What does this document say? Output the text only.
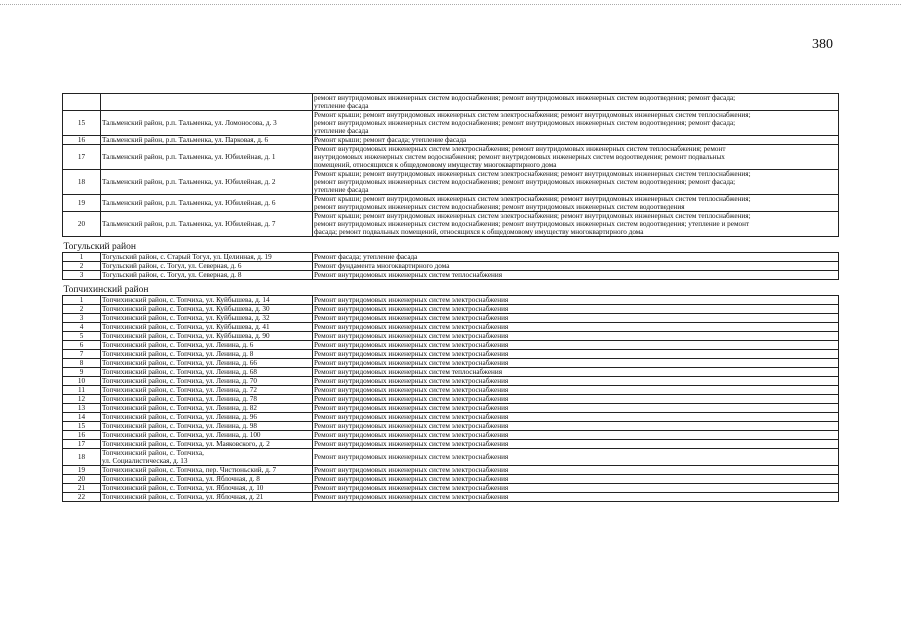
380

		ремонт внутридомовых инженерных систем водоснабжения; ремонт внутридомовых инженерных систем водоотведения; ремонт фасада;
утепление фасада

15	Тальменский район, р.п. Тальменка, ул. Ломоносова, д. 3	Ремонт крыши; ремонт внутридомовых инженерных систем электроснабжения; ремонт внутридомовых инженерных систем теплоснабжения;
ремонт внутридомовых инженерных систем водоснабжения; ремонт внутридомовых инженерных систем водоотведения; ремонт фасада;
утепление фасада

16	Тальменский район, р.п. Тальменка, ул. Парковая, д. 6	Ремонт крыши; ремонт фасада; утепление фасада

17	Тальменский район, р.п. Тальменка, ул. Юбилейная, д. 1	Ремонт внутридомовых инженерных систем электроснабжения; ремонт внутридомовых инженерных систем теплоснабжения; ремонт
внутридомовых инженерных систем водоснабжения; ремонт внутридомовых инженерных систем водоотведения; ремонт подвальных
помещений, относящихся к общедомовому имуществу многоквартирного дома

18	Тальменский район, р.п. Тальменка, ул. Юбилейная, д. 2	Ремонт крыши; ремонт внутридомовых инженерных систем электроснабжения; ремонт внутридомовых инженерных систем теплоснабжения;
ремонт внутридомовых инженерных систем водоснабжения; ремонт внутридомовых инженерных систем водоотведения; ремонт фасада;
утепление фасада

19	Тальменский район, р.п. Тальменка, ул. Юбилейная, д. 6	Ремонт крыши; ремонт внутридомовых инженерных систем электроснабжения; ремонт внутридомовых инженерных систем теплоснабжения;
ремонт внутридомовых инженерных систем водоснабжения; ремонт внутридомовых инженерных систем водоотведения

20	Тальменский район, р.п. Тальменка, ул. Юбилейная, д. 7	Ремонт крыши; ремонт внутридомовых инженерных систем электроснабжения; ремонт внутридомовых инженерных систем теплоснабжения;
ремонт внутридомовых инженерных систем водоснабжения; ремонт внутридомовых инженерных систем водоотведения; утепление и ремонт
фасада; ремонт подвальных помещений, относящихся к общедомовому имуществу многоквартирного дома

Тогульский район		
1	Тогульский район, с. Старый Тогул, ул. Целинная, д. 19	Ремонт фасада; утепление фасада

2	Тогульский район, с. Тогул, ул. Северная, д. 6	Ремонт фундамента многоквартирного дома

3	Тогульский район, с. Тогул, ул. Северная, д. 8	Ремонт внутридомовых инженерных систем теплоснабжения

Топчихинский район		
1	Топчихинский район, с. Топчиха, ул. Куйбышева, д. 14	Ремонт внутридомовых инженерных систем электроснабжения

2	Топчихинский район, с. Топчиха, ул. Куйбышева, д. 30	Ремонт внутридомовых инженерных систем электроснабжения

3	Топчихинский район, с. Топчиха, ул. Куйбышева, д. 32	Ремонт внутридомовых инженерных систем электроснабжения

4	Топчихинский район, с. Топчиха, ул. Куйбышева, д. 41	Ремонт внутридомовых инженерных систем электроснабжения

5	Топчихинский район, с. Топчиха, ул. Куйбышева, д. 90	Ремонт внутридомовых инженерных систем электроснабжения

6	Топчихинский район, с. Топчиха, ул. Ленина, д. 6	Ремонт внутридомовых инженерных систем электроснабжения

7	Топчихинский район, с. Топчиха, ул. Ленина, д. 8	Ремонт внутридомовых инженерных систем электроснабжения

8	Топчихинский район, с. Топчиха, ул. Ленина, д. 66	Ремонт внутридомовых инженерных систем электроснабжения

9	Топчихинский район, с. Топчиха, ул. Ленина, д. 68	Ремонт внутридомовых инженерных систем теплоснабжения

10	Топчихинский район, с. Топчиха, ул. Ленина, д. 70	Ремонт внутридомовых инженерных систем электроснабжения

11	Топчихинский район, с. Топчиха, ул. Ленина, д. 72	Ремонт внутридомовых инженерных систем электроснабжения

12	Топчихинский район, с. Топчиха, ул. Ленина, д. 78	Ремонт внутридомовых инженерных систем электроснабжения

13	Топчихинский район, с. Топчиха, ул. Ленина, д. 82	Ремонт внутридомовых инженерных систем электроснабжения

14	Топчихинский район, с. Топчиха, ул. Ленина, д. 96	Ремонт внутридомовых инженерных систем электроснабжения

15	Топчихинский район, с. Топчиха, ул. Ленина, д. 98	Ремонт внутридомовых инженерных систем электроснабжения

16	Топчихинский район, с. Топчиха, ул. Ленина, д. 100	Ремонт внутридомовых инженерных систем электроснабжения

17	Топчихинский район, с. Топчиха, ул. Маяковского, д. 2	Ремонт внутридомовых инженерных систем электроснабжения

18	Топчихинский район, с. Топчиха,
ул. Социалистическая, д. 13	Ремонт внутридомовых инженерных систем электроснабжения

19	Топчихинский район, с. Топчиха, пер. Чистюньский, д. 7	Ремонт внутридомовых инженерных систем электроснабжения

20	Топчихинский район, с. Топчиха, ул. Яблочная, д. 8	Ремонт внутридомовых инженерных систем электроснабжения

21	Топчихинский район, с. Топчиха, ул. Яблочная, д. 10	Ремонт внутридомовых инженерных систем электроснабжения

22	Топчихинский район, с. Топчиха, ул. Яблочная, д. 21	Ремонт внутридомовых инженерных систем электроснабжения
